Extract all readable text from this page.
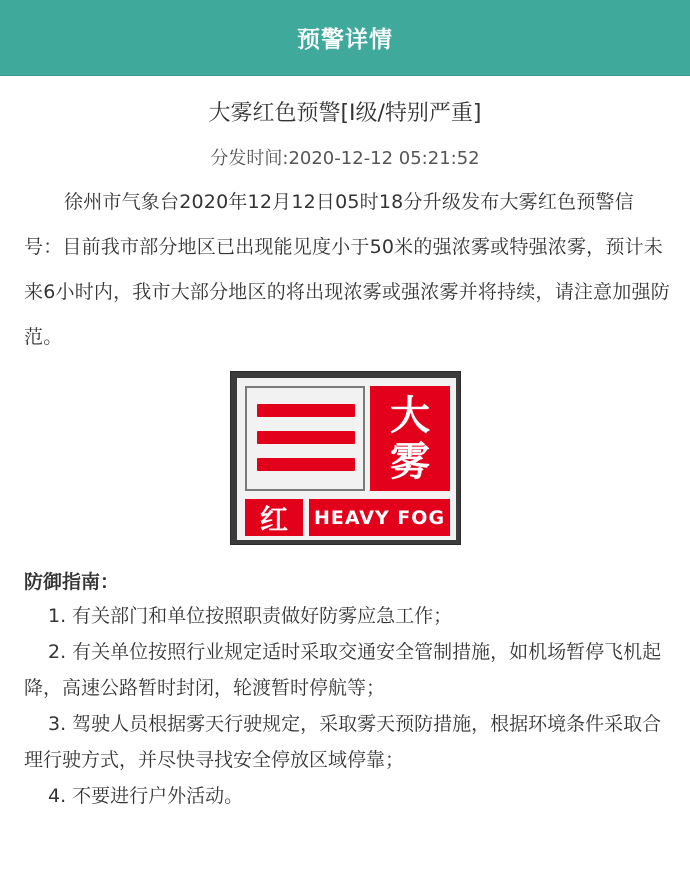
预警详情
大雾红色预警[Ⅰ级/特别严重]
分发时间:2020-12-12 05:21:52
徐州市气象台2020年12月12日05时18分升级发布大雾红色预警信号：目前我市部分地区已出现能见度小于50米的强浓雾或特强浓雾，预计未来6小时内，我市大部分地区的将出现浓雾或强浓雾并将持续，请注意加强防范。
大
雾
红	HEAVY FOG
防御指南：
1. 有关部门和单位按照职责做好防雾应急工作；
2. 有关单位按照行业规定适时采取交通安全管制措施，如机场暂停飞机起降，高速公路暂时封闭，轮渡暂时停航等；
3. 驾驶人员根据雾天行驶规定，采取雾天预防措施，根据环境条件采取合理行驶方式，并尽快寻找安全停放区域停靠；
4. 不要进行户外活动。
